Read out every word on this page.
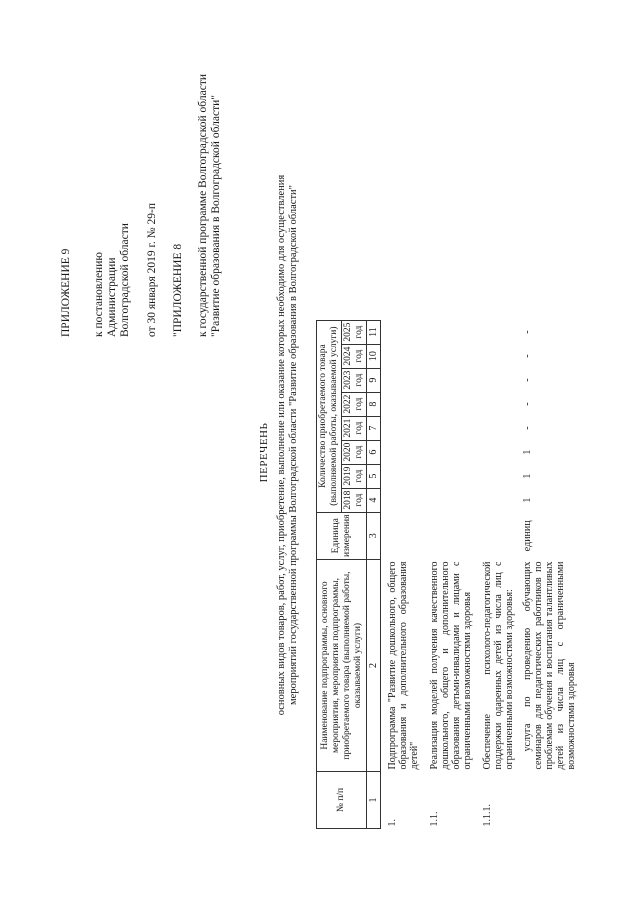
ПРИЛОЖЕНИЕ 9 к постановлению Администрации Волгоградской области от 30 января 2019 г. № 29-п "ПРИЛОЖЕНИЕ 8 к государственной программе Волгоградской области "Развитие образования в Волгоградской области"
ПЕРЕЧЕНЬ основных видов товаров, работ, услуг, приобретение, выполнение или оказание которых необходимо для осуществления мероприятий государственной программы Волгоградской области "Развитие образования в Волгоградской области"
№ п/п	Наименование подпрограммы, основного мероприятия, мероприятия подпрограммы, приобретаемого товара (выполняемой работы, оказываемой услуги)	Единица измерения	Количество приобретаемого товара (выполняемой работы, оказываемой услуги)							
			2018 год	2019 год	2020 год	2021 год	2022 год	2023 год	2024 год	2025 год
1	2	3	4	5	6	7	8	9	10	11
1.	Подпрограмма "Развитие дошкольного, общего образования и дополнительного образования детей"									
1.1.	Реализация моделей получения качественного дошкольного, общего и дополнительного образования детьми-инвалидами и лицами с ограниченными возможностями здоровья									
1.1.1.	Обеспечение психолого-педагогической поддержки одаренных детей из числа лиц с ограниченными возможностями здоровья:									
	услуга по проведению обучающих семинаров для педагогических работников по проблемам обучения и воспитания талантливых детей из числа лиц с ограниченными возможностями здоровья	единиц	1	1	1	-	-	-	-	-
